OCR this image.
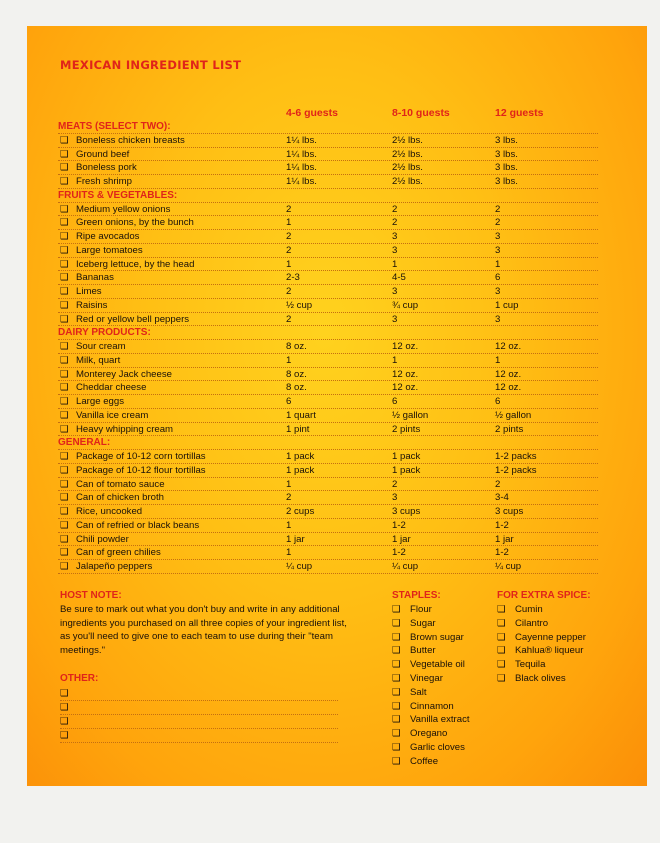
MEXICAN INGREDIENT LIST
4-6 guests	8-10 guests	12 guests
MEATS (SELECT TWO):
❑ Boneless chicken breasts	1¼ lbs.	2½ lbs.	3 lbs.
❑ Ground beef	1¼ lbs.	2½ lbs.	3 lbs.
❑ Boneless pork	1¼ lbs.	2½ lbs.	3 lbs.
❑ Fresh shrimp	1¼ lbs.	2½ lbs.	3 lbs.
FRUITS & VEGETABLES:
❑ Medium yellow onions	2	2	2
❑ Green onions, by the bunch	1	2	2
❑ Ripe avocados	2	3	3
❑ Large tomatoes	2	3	3
❑ Iceberg lettuce, by the head	1	1	1
❑ Bananas	2-3	4-5	6
❑ Limes	2	3	3
❑ Raisins	½ cup	¾ cup	1 cup
❑ Red or yellow bell peppers	2	3	3
DAIRY PRODUCTS:
❑ Sour cream	8 oz.	12 oz.	12 oz.
❑ Milk, quart	1	1	1
❑ Monterey Jack cheese	8 oz.	12 oz.	12 oz.
❑ Cheddar cheese	8 oz.	12 oz.	12 oz.
❑ Large eggs	6	6	6
❑ Vanilla ice cream	1 quart	½ gallon	½ gallon
❑ Heavy whipping cream	1 pint	2 pints	2 pints
GENERAL:
❑ Package of 10-12 corn tortillas	1 pack	1 pack	1-2 packs
❑ Package of 10-12 flour tortillas	1 pack	1 pack	1-2 packs
❑ Can of tomato sauce	1	2	2
❑ Can of chicken broth	2	3	3-4
❑ Rice, uncooked	2 cups	3 cups	3 cups
❑ Can of refried or black beans	1	1-2	1-2
❑ Chili powder	1 jar	1 jar	1 jar
❑ Can of green chilies	1	1-2	1-2
❑ Jalapeño peppers	¼ cup	¼ cup	¼ cup
HOST NOTE:
Be sure to mark out what you don't buy and write in any additional ingredients you purchased on all three copies of your ingredient list, as you'll need to give one to each team to use during their "team meetings."
OTHER:
❑
❑
❑
❑
STAPLES:
❑ Flour
❑ Sugar
❑ Brown sugar
❑ Butter
❑ Vegetable oil
❑ Vinegar
❑ Salt
❑ Cinnamon
❑ Vanilla extract
❑ Oregano
❑ Garlic cloves
❑ Coffee
FOR EXTRA SPICE:
❑ Cumin
❑ Cilantro
❑ Cayenne pepper
❑ Kahlua® liqueur
❑ Tequila
❑ Black olives
